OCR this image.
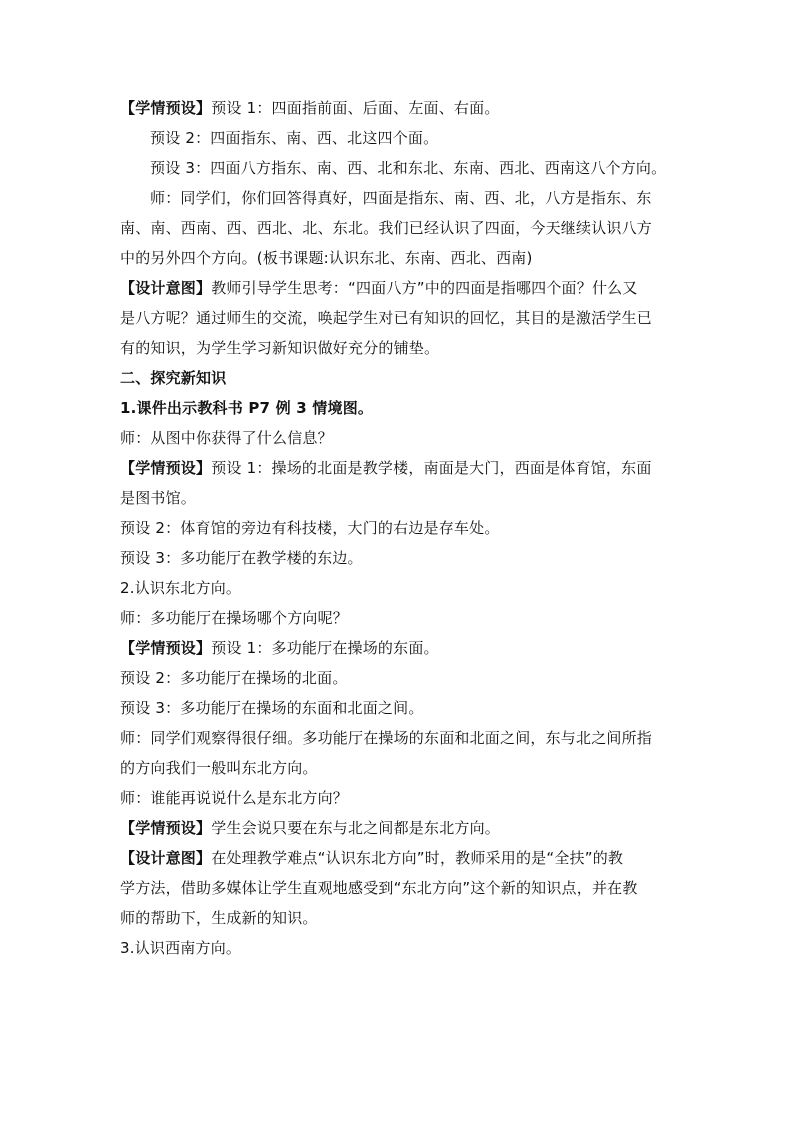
【学情预设】预设 1：四面指前面、后面、左面、右面。
预设 2：四面指东、南、西、北这四个面。
预设 3：四面八方指东、南、西、北和东北、东南、西北、西南这八个方向。
师：同学们，你们回答得真好，四面是指东、南、西、北，八方是指东、东
南、南、西南、西、西北、北、东北。我们已经认识了四面，今天继续认识八方
中的另外四个方向。(板书课题:认识东北、东南、西北、西南)
【设计意图】教师引导学生思考：“四面八方”中的四面是指哪四个面？什么又
是八方呢？通过师生的交流，唤起学生对已有知识的回忆，其目的是激活学生已
有的知识，为学生学习新知识做好充分的铺垫。
二、探究新知识
1.课件出示教科书 P7 例 3 情境图。
师：从图中你获得了什么信息？
【学情预设】预设 1：操场的北面是教学楼，南面是大门，西面是体育馆，东面
是图书馆。
预设 2：体育馆的旁边有科技楼，大门的右边是存车处。
预设 3：多功能厅在教学楼的东边。
2.认识东北方向。
师：多功能厅在操场哪个方向呢？
【学情预设】预设 1：多功能厅在操场的东面。
预设 2：多功能厅在操场的北面。
预设 3：多功能厅在操场的东面和北面之间。
师：同学们观察得很仔细。多功能厅在操场的东面和北面之间，东与北之间所指
的方向我们一般叫东北方向。
师：谁能再说说什么是东北方向？
【学情预设】学生会说只要在东与北之间都是东北方向。
【设计意图】在处理教学难点“认识东北方向”时，教师采用的是“全扶”的教
学方法，借助多媒体让学生直观地感受到“东北方向”这个新的知识点，并在教
师的帮助下，生成新的知识。
3.认识西南方向。
